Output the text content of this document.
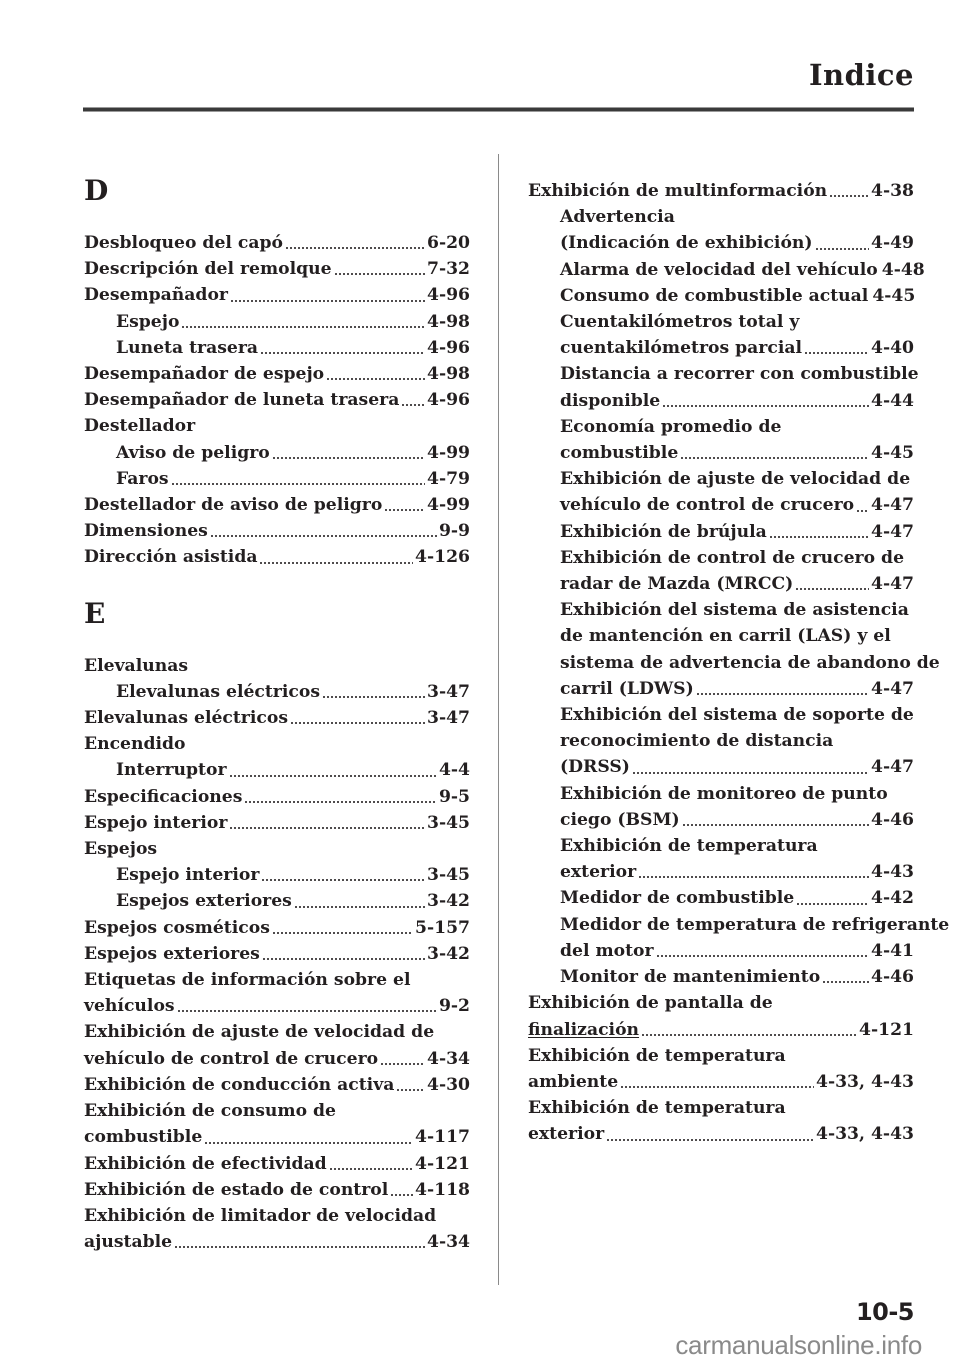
Indice
D
Desbloqueo del capó	6-20
Descripción del remolque	7-32
Desempañador	4-96
Espejo	4-98
Luneta trasera	4-96
Desempañador de espejo	4-98
Desempañador de luneta trasera 4-96
Destellador
Aviso de peligro	4-99
Faros	4-79
Destellador de aviso de peligro	4-99
Dimensiones	9-9
Dirección asistida	4-126
E
Elevalunas
Elevalunas eléctricos	3-47
Elevalunas eléctricos	3-47
Encendido
Interruptor	4-4
Especificaciones	9-5
Espejo interior	3-45
Espejos
Espejo interior	3-45
Espejos exteriores	3-42
Espejos cosméticos	5-157
Espejos exteriores	3-42
Etiquetas de información sobre el
vehículos	9-2
Exhibición de ajuste de velocidad de
vehículo de control de crucero	4-34
Exhibición de conducción activa 4-30
Exhibición de consumo de
combustible	4-117
Exhibición de efectividad	4-121
Exhibición de estado de control 4-118
Exhibición de limitador de velocidad
ajustable	4-34
Exhibición de multinformación	4-38
Advertencia
(Indicación de exhibición)	4-49
Alarma de velocidad del vehículo 4-48
Consumo de combustible actual 4-45
Cuentakilómetros total y
cuentakilómetros parcial	4-40
Distancia a recorrer con combustible
disponible	4-44
Economía promedio de
combustible	4-45
Exhibición de ajuste de velocidad de
vehículo de control de crucero 4-47
Exhibición de brújula	4-47
Exhibición de control de crucero de
radar de Mazda (MRCC)	4-47
Exhibición del sistema de asistencia
de mantención en carril (LAS) y el
sistema de advertencia de abandono de
carril (LDWS)	4-47
Exhibición del sistema de soporte de
reconocimiento de distancia
(DRSS)	4-47
Exhibición de monitoreo de punto
ciego (BSM)	4-46
Exhibición de temperatura
exterior	4-43
Medidor de combustible	4-42
Medidor de temperatura de refrigerante
del motor	4-41
Monitor de mantenimiento	4-46
Exhibición de pantalla de
finalización	4-121
Exhibición de temperatura
ambiente	4-33, 4-43
Exhibición de temperatura
exterior	4-33, 4-43
10-5
carmanualsonline.info
